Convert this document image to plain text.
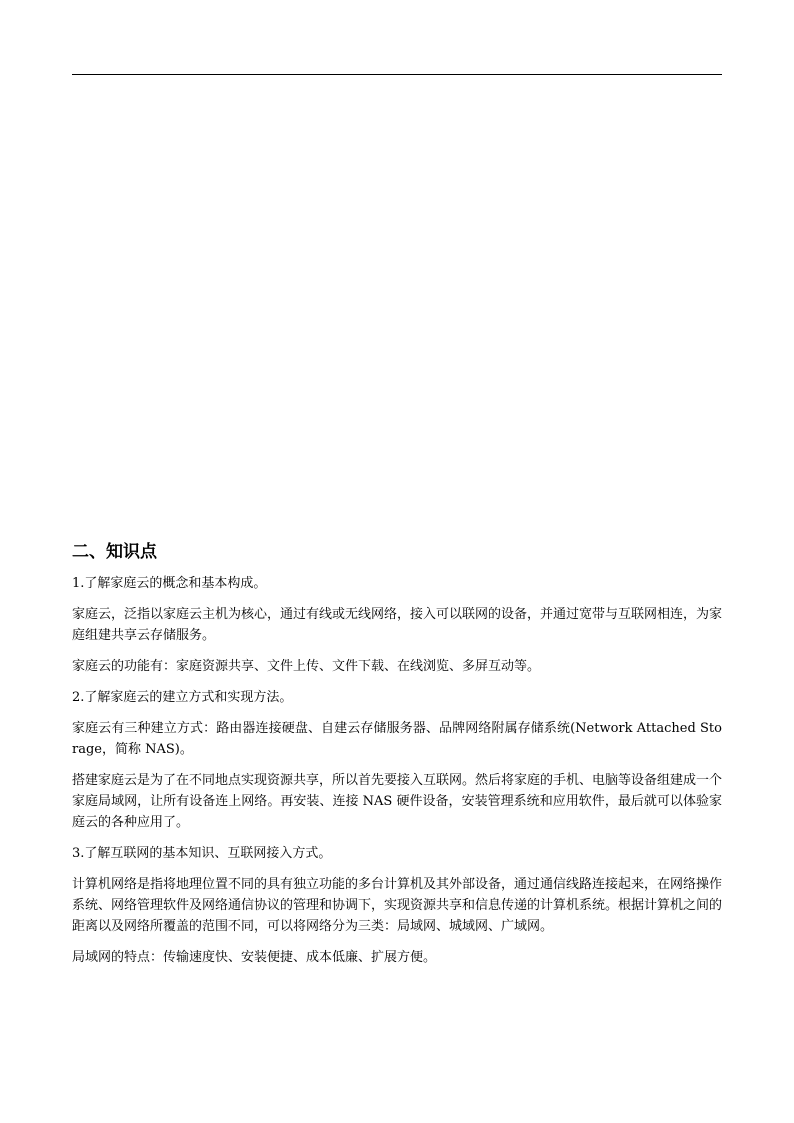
二、知识点

1.了解家庭云的概念和基本构成。

家庭云，泛指以家庭云主机为核心，通过有线或无线网络，接入可以联网的设备，并通过宽带与互联网相连，为家庭组建共享云存储服务。

家庭云的功能有：家庭资源共享、文件上传、文件下载、在线浏览、多屏互动等。

2.了解家庭云的建立方式和实现方法。

家庭云有三种建立方式：路由器连接硬盘、自建云存储服务器、品牌网络附属存储系统(Network Attached Storage，简称 NAS)。

搭建家庭云是为了在不同地点实现资源共享，所以首先要接入互联网。然后将家庭的手机、电脑等设备组建成一个家庭局域网，让所有设备连上网络。再安装、连接 NAS 硬件设备，安装管理系统和应用软件，最后就可以体验家庭云的各种应用了。

3.了解互联网的基本知识、互联网接入方式。

计算机网络是指将地理位置不同的具有独立功能的多台计算机及其外部设备，通过通信线路连接起来，在网络操作系统、网络管理软件及网络通信协议的管理和协调下，实现资源共享和信息传递的计算机系统。根据计算机之间的距离以及网络所覆盖的范围不同，可以将网络分为三类：局域网、城域网、广域网。

局域网的特点：传输速度快、安装便捷、成本低廉、扩展方便。
